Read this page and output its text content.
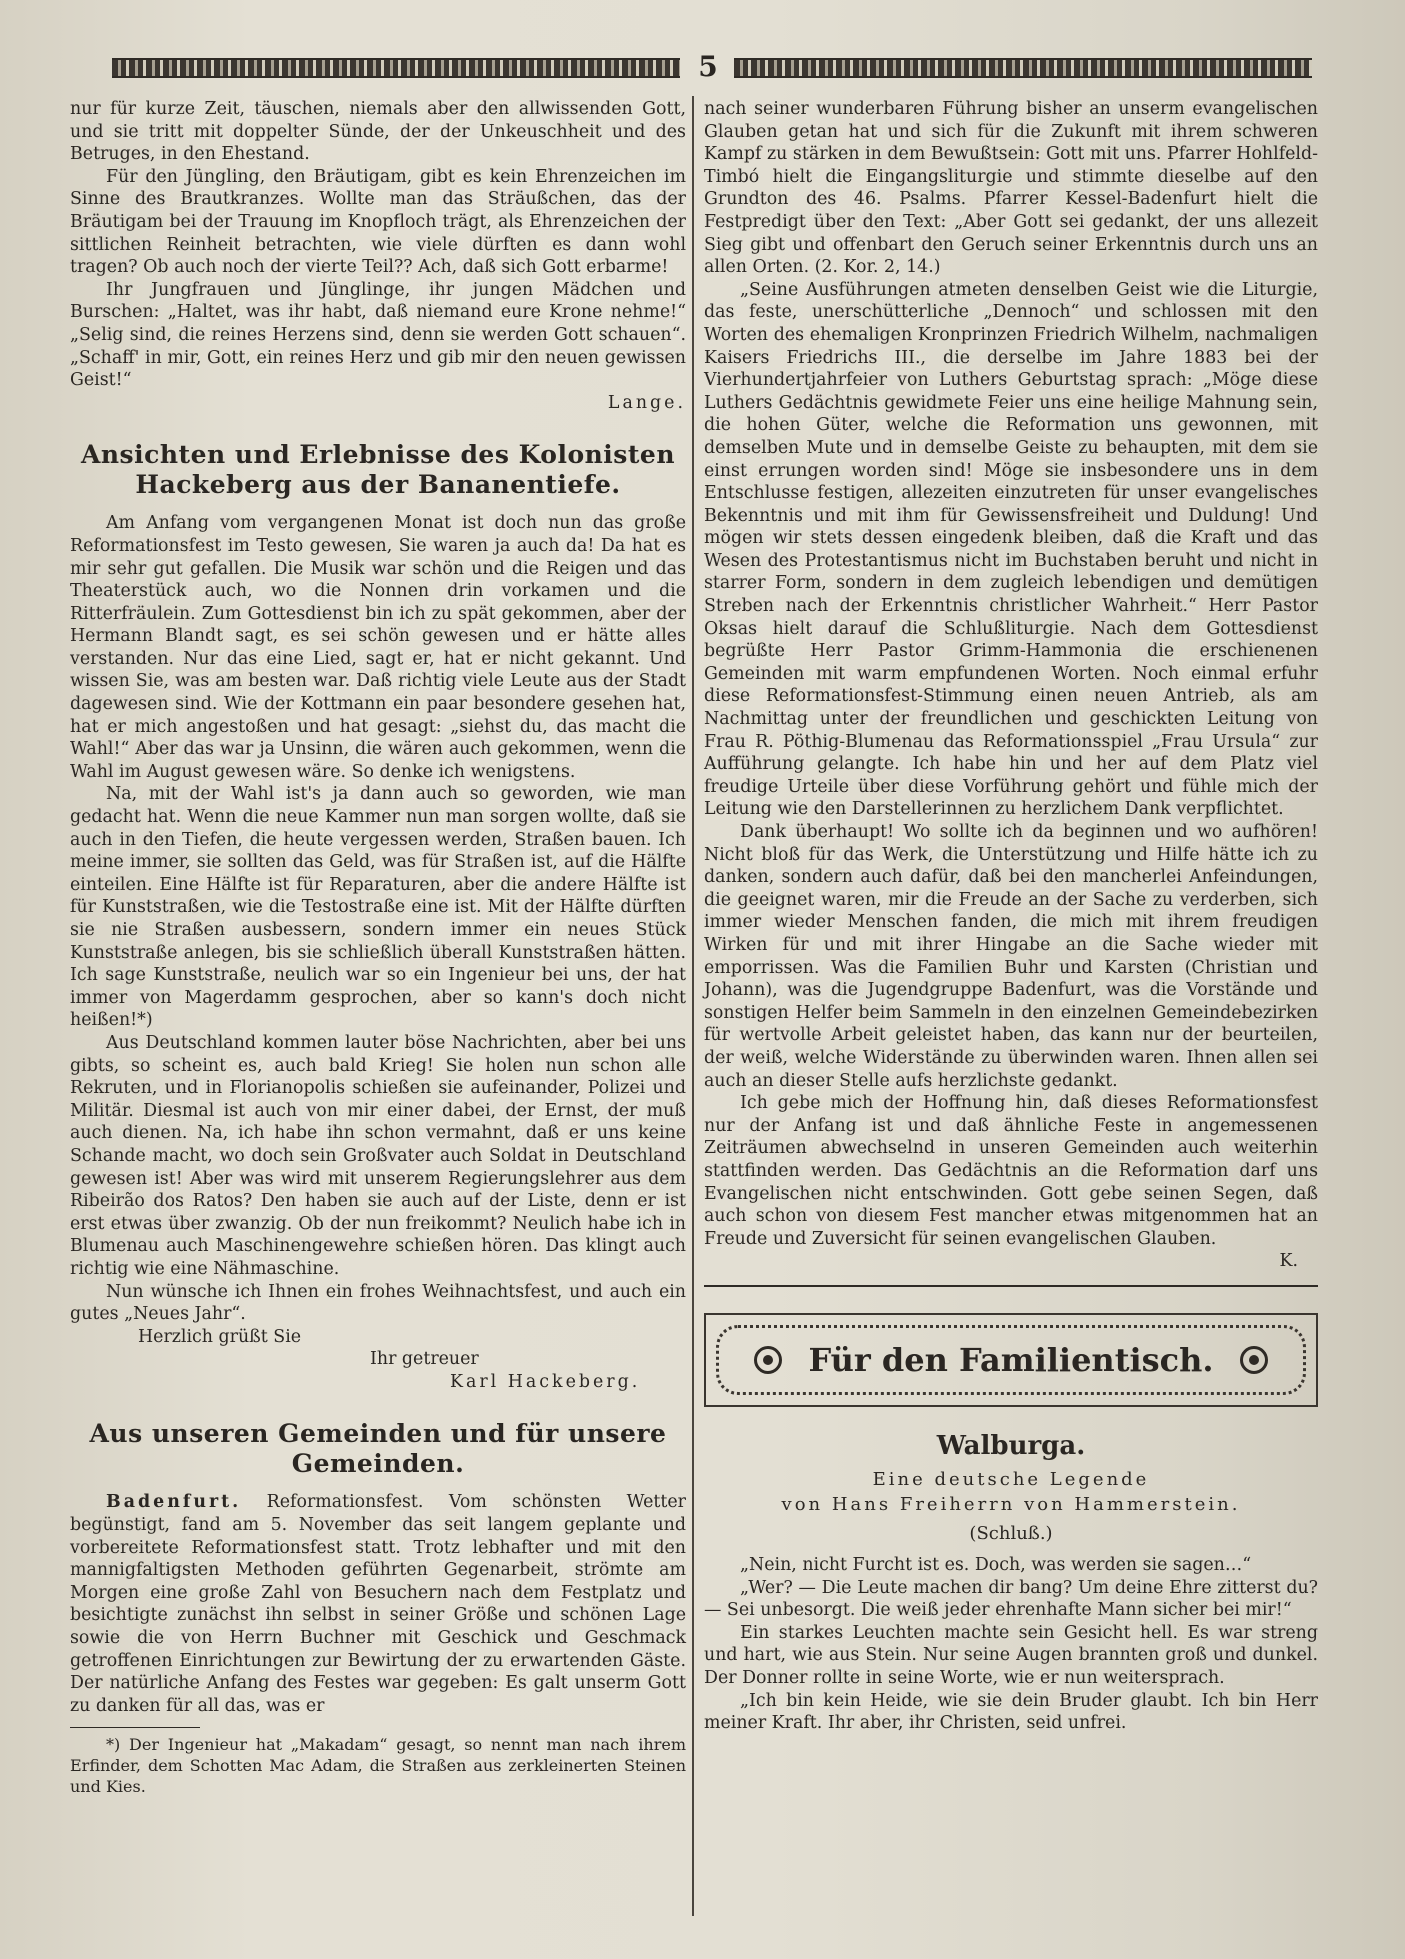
5

nur für kurze Zeit, täuschen, niemals aber den allwissenden Gott, und sie tritt mit doppelter Sünde, der der Unkeuschheit und des Betruges, in den Ehestand.

Für den Jüngling, den Bräutigam, gibt es kein Ehrenzeichen im Sinne des Brautkranzes. Wollte man das Sträußchen, das der Bräutigam bei der Trauung im Knopfloch trägt, als Ehrenzeichen der sittlichen Reinheit betrachten, wie viele dürften es dann wohl tragen? Ob auch noch der vierte Teil?? Ach, daß sich Gott erbarme!

Ihr Jungfrauen und Jünglinge, ihr jungen Mädchen und Burschen: „Haltet, was ihr habt, daß niemand eure Krone nehme!“ „Selig sind, die reines Herzens sind, denn sie werden Gott schauen“. „Schaff' in mir, Gott, ein reines Herz und gib mir den neuen gewissen Geist!“

Lange.

Ansichten und Erlebnisse des Kolonisten Hackeberg aus der Bananentiefe.

Am Anfang vom vergangenen Monat ist doch nun das große Reformationsfest im Testo gewesen, Sie waren ja auch da! Da hat es mir sehr gut gefallen. Die Musik war schön und die Reigen und das Theaterstück auch, wo die Nonnen drin vorkamen und die Ritterfräulein. Zum Gottesdienst bin ich zu spät gekommen, aber der Hermann Blandt sagt, es sei schön gewesen und er hätte alles verstanden. Nur das eine Lied, sagt er, hat er nicht gekannt. Und wissen Sie, was am besten war. Daß richtig viele Leute aus der Stadt dagewesen sind. Wie der Kottmann ein paar besondere gesehen hat, hat er mich angestoßen und hat gesagt: „siehst du, das macht die Wahl!“ Aber das war ja Unsinn, die wären auch gekommen, wenn die Wahl im August gewesen wäre. So denke ich wenigstens.

Na, mit der Wahl ist's ja dann auch so geworden, wie man gedacht hat. Wenn die neue Kammer nun man sorgen wollte, daß sie auch in den Tiefen, die heute vergessen werden, Straßen bauen. Ich meine immer, sie sollten das Geld, was für Straßen ist, auf die Hälfte einteilen. Eine Hälfte ist für Reparaturen, aber die andere Hälfte ist für Kunststraßen, wie die Testostraße eine ist. Mit der Hälfte dürften sie nie Straßen ausbessern, sondern immer ein neues Stück Kunststraße anlegen, bis sie schließlich überall Kunststraßen hätten. Ich sage Kunststraße, neulich war so ein Ingenieur bei uns, der hat immer von Magerdamm gesprochen, aber so kann's doch nicht heißen!*)

Aus Deutschland kommen lauter böse Nachrichten, aber bei uns gibts, so scheint es, auch bald Krieg! Sie holen nun schon alle Rekruten, und in Florianopolis schießen sie aufeinander, Polizei und Militär. Diesmal ist auch von mir einer dabei, der Ernst, der muß auch dienen. Na, ich habe ihn schon vermahnt, daß er uns keine Schande macht, wo doch sein Großvater auch Soldat in Deutschland gewesen ist! Aber was wird mit unserem Regierungslehrer aus dem Ribeirão dos Ratos? Den haben sie auch auf der Liste, denn er ist erst etwas über zwanzig. Ob der nun freikommt? Neulich habe ich in Blumenau auch Maschinengewehre schießen hören. Das klingt auch richtig wie eine Nähmaschine.

Nun wünsche ich Ihnen ein frohes Weihnachtsfest, und auch ein gutes „Neues Jahr“.

Herzlich grüßt Sie

Ihr getreuer

Karl Hackeberg.

Aus unseren Gemeinden und für unsere Gemeinden.

Badenfurt. Reformationsfest. Vom schönsten Wetter begünstigt, fand am 5. November das seit langem geplante und vorbereitete Reformationsfest statt. Trotz lebhafter und mit den mannigfaltigsten Methoden geführten Gegenarbeit, strömte am Morgen eine große Zahl von Besuchern nach dem Festplatz und besichtigte zunächst ihn selbst in seiner Größe und schönen Lage sowie die von Herrn Buchner mit Geschick und Geschmack getroffenen Einrichtungen zur Bewirtung der zu erwartenden Gäste. Der natürliche Anfang des Festes war gegeben: Es galt unserm Gott zu danken für all das, was er

*) Der Ingenieur hat „Makadam“ gesagt, so nennt man nach ihrem Erfinder, dem Schotten Mac Adam, die Straßen aus zerkleinerten Steinen und Kies.

nach seiner wunderbaren Führung bisher an unserm evangelischen Glauben getan hat und sich für die Zukunft mit ihrem schweren Kampf zu stärken in dem Bewußtsein: Gott mit uns. Pfarrer Hohlfeld-Timbó hielt die Eingangsliturgie und stimmte dieselbe auf den Grundton des 46. Psalms. Pfarrer Kessel-Badenfurt hielt die Festpredigt über den Text: „Aber Gott sei gedankt, der uns allezeit Sieg gibt und offenbart den Geruch seiner Erkenntnis durch uns an allen Orten. (2. Kor. 2, 14.)

„Seine Ausführungen atmeten denselben Geist wie die Liturgie, das feste, unerschütterliche „Dennoch“ und schlossen mit den Worten des ehemaligen Kronprinzen Friedrich Wilhelm, nachmaligen Kaisers Friedrichs III., die derselbe im Jahre 1883 bei der Vierhundertjahrfeier von Luthers Geburtstag sprach: „Möge diese Luthers Gedächtnis gewidmete Feier uns eine heilige Mahnung sein, die hohen Güter, welche die Reformation uns gewonnen, mit demselben Mute und in demselbe Geiste zu behaupten, mit dem sie einst errungen worden sind! Möge sie insbesondere uns in dem Entschlusse festigen, allezeiten einzutreten für unser evangelisches Bekenntnis und mit ihm für Gewissensfreiheit und Duldung! Und mögen wir stets dessen eingedenk bleiben, daß die Kraft und das Wesen des Protestantismus nicht im Buchstaben beruht und nicht in starrer Form, sondern in dem zugleich lebendigen und demütigen Streben nach der Erkenntnis christlicher Wahrheit.“ Herr Pastor Oksas hielt darauf die Schlußliturgie. Nach dem Gottesdienst begrüßte Herr Pastor Grimm-Hammonia die erschienenen Gemeinden mit warm empfundenen Worten. Noch einmal erfuhr diese Reformationsfest-Stimmung einen neuen Antrieb, als am Nachmittag unter der freundlichen und geschickten Leitung von Frau R. Pöthig-Blumenau das Reformationsspiel „Frau Ursula“ zur Aufführung gelangte. Ich habe hin und her auf dem Platz viel freudige Urteile über diese Vorführung gehört und fühle mich der Leitung wie den Darstellerinnen zu herzlichem Dank verpflichtet.

Dank überhaupt! Wo sollte ich da beginnen und wo aufhören! Nicht bloß für das Werk, die Unterstützung und Hilfe hätte ich zu danken, sondern auch dafür, daß bei den mancherlei Anfeindungen, die geeignet waren, mir die Freude an der Sache zu verderben, sich immer wieder Menschen fanden, die mich mit ihrem freudigen Wirken für und mit ihrer Hingabe an die Sache wieder mit emporrissen. Was die Familien Buhr und Karsten (Christian und Johann), was die Jugendgruppe Badenfurt, was die Vorstände und sonstigen Helfer beim Sammeln in den einzelnen Gemeindebezirken für wertvolle Arbeit geleistet haben, das kann nur der beurteilen, der weiß, welche Widerstände zu überwinden waren. Ihnen allen sei auch an dieser Stelle aufs herzlichste gedankt.

Ich gebe mich der Hoffnung hin, daß dieses Reformationsfest nur der Anfang ist und daß ähnliche Feste in angemessenen Zeiträumen abwechselnd in unseren Gemeinden auch weiterhin stattfinden werden. Das Gedächtnis an die Reformation darf uns Evangelischen nicht entschwinden. Gott gebe seinen Segen, daß auch schon von diesem Fest mancher etwas mitgenommen hat an Freude und Zuversicht für seinen evangelischen Glauben.

K.

Für den Familientisch.
Walburga.
Eine deutsche Legende
von Hans Freiherrn von Hammerstein.
(Schluß.)

„Nein, nicht Furcht ist es. Doch, was werden sie sagen…“

„Wer? — Die Leute machen dir bang? Um deine Ehre zitterst du? — Sei unbesorgt. Die weiß jeder ehrenhafte Mann sicher bei mir!“

Ein starkes Leuchten machte sein Gesicht hell. Es war streng und hart, wie aus Stein. Nur seine Augen brannten groß und dunkel. Der Donner rollte in seine Worte, wie er nun weitersprach.

„Ich bin kein Heide, wie sie dein Bruder glaubt. Ich bin Herr meiner Kraft. Ihr aber, ihr Christen, seid unfrei.
